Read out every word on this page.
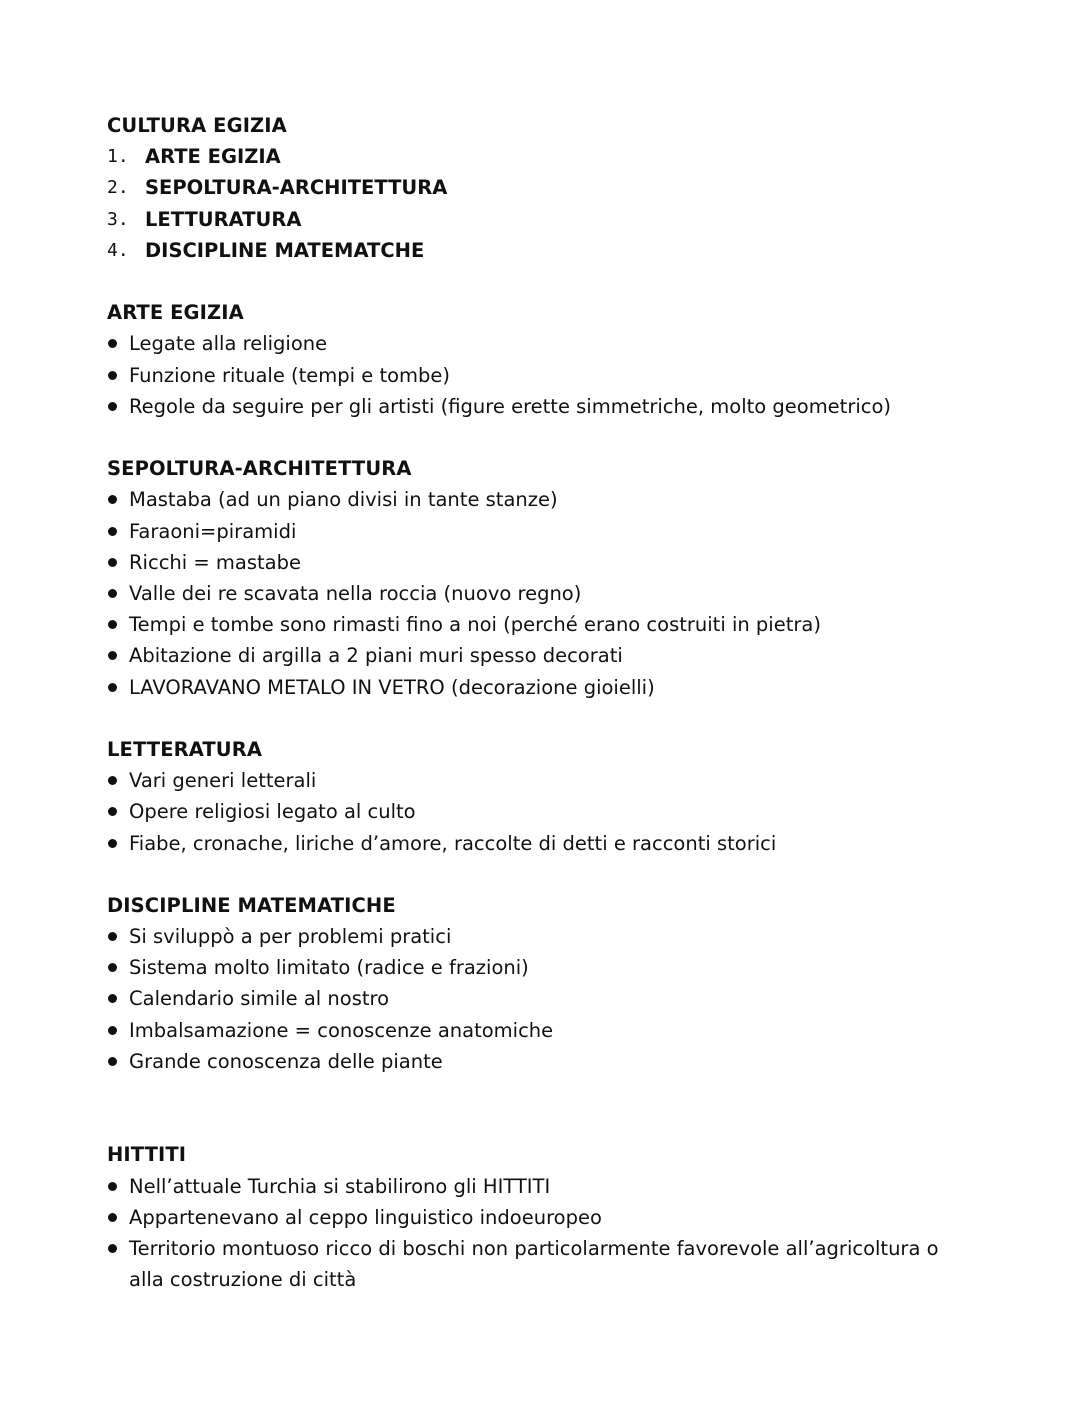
CULTURA EGIZIA
1. ARTE EGIZIA
2. SEPOLTURA-ARCHITETTURA
3. LETTURATURA
4. DISCIPLINE MATEMATCHE
ARTE EGIZIA
Legate alla religione
Funzione rituale (tempi e tombe)
Regole da seguire per gli artisti (figure erette simmetriche, molto geometrico)
SEPOLTURA-ARCHITETTURA
Mastaba (ad un piano divisi in tante stanze)
Faraoni=piramidi
Ricchi = mastabe
Valle dei re scavata nella roccia (nuovo regno)
Tempi e tombe sono rimasti fino a noi (perché erano costruiti in pietra)
Abitazione di argilla a 2 piani muri spesso decorati
LAVORAVANO METALO IN VETRO (decorazione gioielli)
LETTERATURA
Vari generi letterali
Opere religiosi legato al culto
Fiabe, cronache, liriche d’amore, raccolte di detti e racconti storici
DISCIPLINE MATEMATICHE
Si sviluppò a per problemi pratici
Sistema molto limitato (radice e frazioni)
Calendario simile al nostro
Imbalsamazione = conoscenze anatomiche
Grande conoscenza delle piante
HITTITI
Nell’attuale Turchia si stabilirono gli HITTITI
Appartenevano al ceppo linguistico indoeuropeo
Territorio montuoso ricco di boschi non particolarmente favorevole all’agricoltura o alla costruzione di città
